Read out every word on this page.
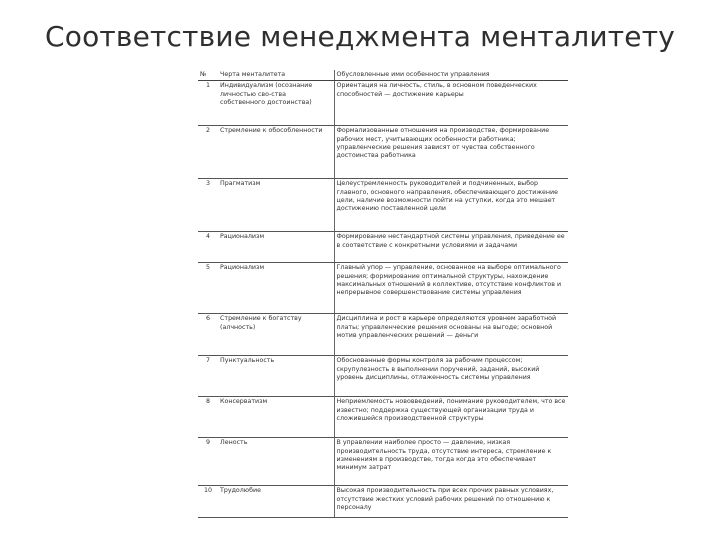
Соответствие менеджмента менталитету
№	Черта менталитета	Обусловленные ими особенности управления
1	Индивидуализм (осознание личностью сво-ства собственного достоинства)	Ориентация на личность, стиль, в основном поведенческих способностей — достижение карьеры
2	Стремление к обособленности	Формализованные отношения на производстве, формирование рабочих мест, учитывающих особенности работника; управленческие решения зависят от чувства собственного достоинства работника
3	Прагматизм	Целеустремленность руководителей и подчиненных, выбор главного, основного направления, обеспечивающего достижение цели, наличие возможности пойти на уступки, когда это мешает достижению поставленной цели
4	Рационализм	Формирование нестандартной системы управления, приведение ее в соответствие с конкретными условиями и задачами
5	Рационализм	Главный упор — управление, основанное на выборе оптимального решения; формирование оптимальной структуры, нахождение максимальных отношений в коллективе, отсутствие конфликтов и непрерывное совершенствование системы управления
6	Стремление к богатству (алчность)	Дисциплина и рост в карьере определяются уровнем заработной платы; управленческие решения основаны на выгоде; основной мотив управленческих решений — деньги
7	Пунктуальность	Обоснованные формы контроля за рабочим процессом; скрупулезность в выполнении поручений, заданий, высокий уровень дисциплины, отлаженность системы управления
8	Консерватизм	Неприемлемость нововведений, понимание руководителем, что все известно; поддержка существующей организации труда и сложившейся производственной структуры
9	Леность	В управлении наиболее просто — давление, низкая производительность труда, отсутствие интереса, стремление к изменениям в производстве, тогда когда это обеспечивает минимум затрат
10	Трудолюбие	Высокая производительность при всех прочих равных условиях, отсутствие жестких условий рабочих решений по отношению к персоналу
